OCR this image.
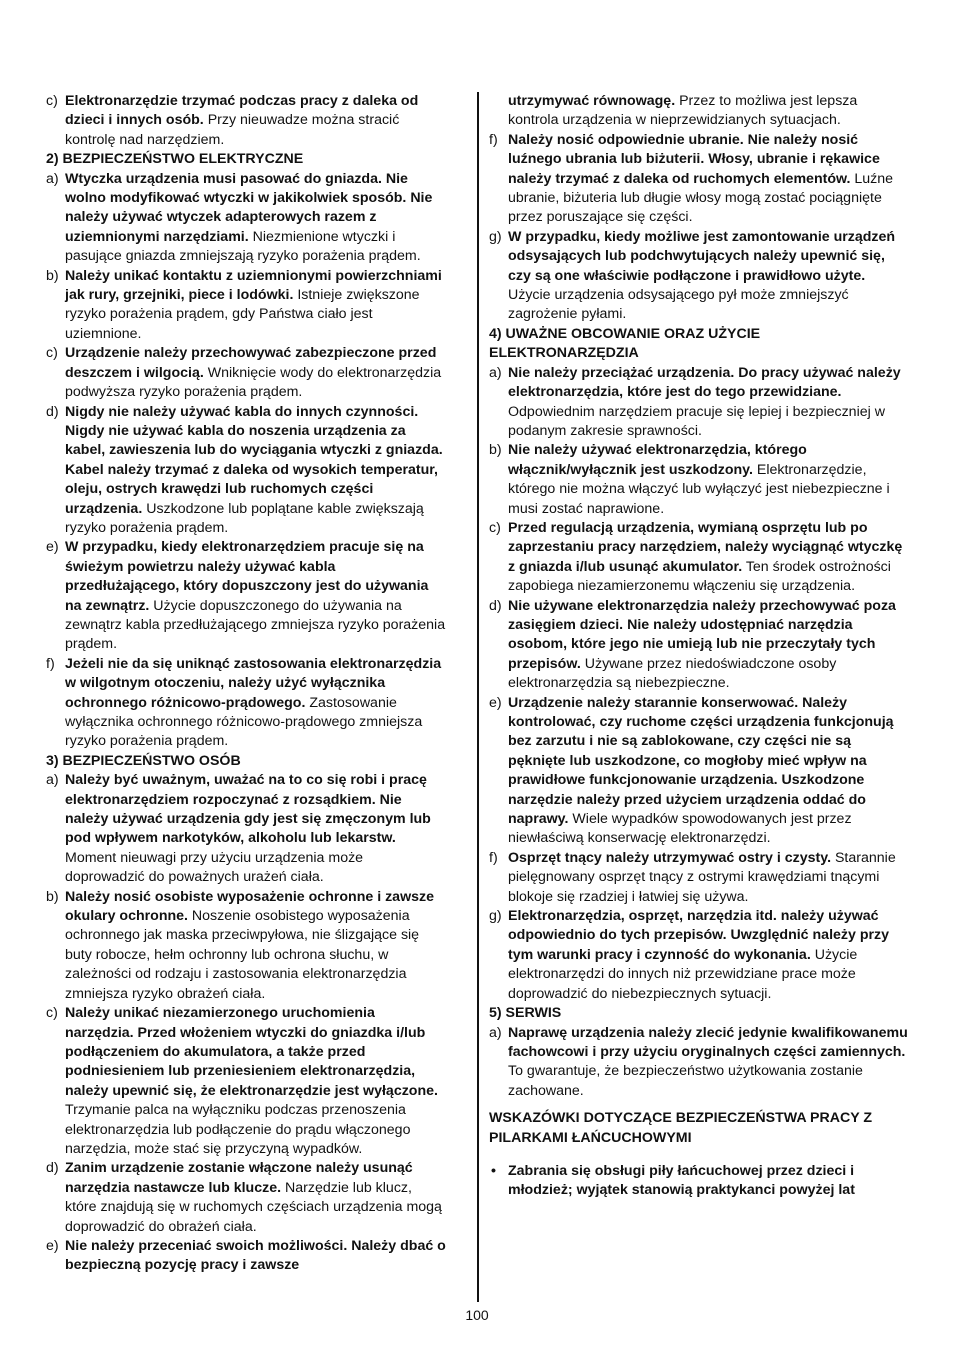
c) Elektronarzędzie trzymać podczas pracy z daleka od dzieci i innych osób. Przy nieuwadze można stracić kontrolę nad narzędziem.
2) BEZPIECZEŃSTWO ELEKTRYCZNE
a) Wtyczka urządzenia musi pasować do gniazda. Nie wolno modyfikować wtyczki w jakikolwiek sposób. Nie należy używać wtyczek adapterowych razem z uziemnionymi narzędziami. Niezmienione wtyczki i pasujące gniazda zmniejszają ryzyko porażenia prądem.
b) Należy unikać kontaktu z uziemnionymi powierzchniami jak rury, grzejniki, piece i lodówki. Istnieje zwiększone ryzyko porażenia prądem, gdy Państwa ciało jest uziemnione.
c) Urządzenie należy przechowywać zabezpieczone przed deszczem i wilgocią. Wniknięcie wody do elektronarzędzia podwyższa ryzyko porażenia prądem.
d) Nigdy nie należy używać kabla do innych czynności. Nigdy nie używać kabla do noszenia urządzenia za kabel, zawieszenia lub do wyciągania wtyczki z gniazda. Kabel należy trzymać z daleka od wysokich temperatur, oleju, ostrych krawędzi lub ruchomych części urządzenia. Uszkodzone lub poplątane kable zwiększają ryzyko porażenia prądem.
e) W przypadku, kiedy elektronarzędziem pracuje się na świeżym powietrzu należy używać kabla przedłużającego, który dopuszczony jest do używania na zewnątrz. Użycie dopuszczonego do używania na zewnątrz kabla przedłużającego zmniejsza ryzyko porażenia prądem.
f) Jeżeli nie da się uniknąć zastosowania elektronarzędzia w wilgotnym otoczeniu, należy użyć wyłącznika ochronnego różnicowo-prądowego. Zastosowanie wyłącznika ochronnego różnicowo-prądowego zmniejsza ryzyko porażenia prądem.
3) BEZPIECZEŃSTWO OSÓB
a) Należy być uważnym, uważać na to co się robi i pracę elektronarzędziem rozpoczynać z rozsądkiem. Nie należy używać urządzenia gdy jest się zmęczonym lub pod wpływem narkotyków, alkoholu lub lekarstw. Moment nieuwagi przy użyciu urządzenia może doprowadzić do poważnych urażeń ciała.
b) Należy nosić osobiste wyposażenie ochronne i zawsze okulary ochronne. Noszenie osobistego wyposażenia ochronnego jak maska przeciwpyłowa, nie ślizgające się buty robocze, hełm ochronny lub ochrona słuchu, w zależności od rodzaju i zastosowania elektronarzędzia zmniejsza ryzyko obrażeń ciała.
c) Należy unikać niezamierzonego uruchomienia narzędzia. Przed włożeniem wtyczki do gniazdka i/lub podłączeniem do akumulatora, a także przed podniesieniem lub przeniesieniem elektronarzędzia, należy upewnić się, że elektronarzędzie jest wyłączone. Trzymanie palca na wyłączniku podczas przenoszenia elektronarzędzia lub podłączenie do prądu włączonego narzędzia, może stać się przyczyną wypadków.
d) Zanim urządzenie zostanie włączone należy usunąć narzędzia nastawcze lub klucze. Narzędzie lub klucz, które znajdują się w ruchomych częściach urządzenia mogą doprowadzić do obrażeń ciała.
e) Nie należy przeceniać swoich możliwości. Należy dbać o bezpieczną pozycję pracy i zawsze
utrzymywać równowagę. Przez to możliwa jest lepsza kontrola urządzenia w nieprzewidzianych sytuacjach.
f) Należy nosić odpowiednie ubranie. Nie należy nosić luźnego ubrania lub biżuterii. Włosy, ubranie i rękawice należy trzymać z daleka od ruchomych elementów. Luźne ubranie, biżuteria lub długie włosy mogą zostać pociągnięte przez poruszające się części.
g) W przypadku, kiedy możliwe jest zamontowanie urządzeń odsysających lub podchwytujących należy upewnić się, czy są one właściwie podłączone i prawidłowo użyte. Użycie urządzenia odsysającego pył może zmniejszyć zagrożenie pyłami.
4) UWAŻNE OBCOWANIE ORAZ UŻYCIE ELEKTRONARZĘDZIA
a) Nie należy przeciążać urządzenia. Do pracy używać należy elektronarzędzia, które jest do tego przewidziane. Odpowiednim narzędziem pracuje się lepiej i bezpieczniej w podanym zakresie sprawności.
b) Nie należy używać elektronarzędzia, którego włącznik/wyłącznik jest uszkodzony. Elektronarzędzie, którego nie można włączyć lub wyłączyć jest niebezpieczne i musi zostać naprawione.
c) Przed regulacją urządzenia, wymianą osprzętu lub po zaprzestaniu pracy narzędziem, należy wyciągnąć wtyczkę z gniazda i/lub usunąć akumulator. Ten środek ostrożności zapobiega niezamierzonemu włączeniu się urządzenia.
d) Nie używane elektronarzędzia należy przechowywać poza zasięgiem dzieci. Nie należy udostępniać narzędzia osobom, które jego nie umieją lub nie przeczytały tych przepisów. Używane przez niedoświadczone osoby elektronarzędzia są niebezpieczne.
e) Urządzenie należy starannie konserwować. Należy kontrolować, czy ruchome części urządzenia funkcjonują bez zarzutu i nie są zablokowane, czy części nie są pęknięte lub uszkodzone, co mogłoby mieć wpływ na prawidłowe funkcjonowanie urządzenia. Uszkodzone narzędzie należy przed użyciem urządzenia oddać do naprawy. Wiele wypadków spowodowanych jest przez niewłaściwą konserwację elektronarzędzi.
f) Osprzęt tnący należy utrzymywać ostry i czysty. Starannie pielęgnowany osprzęt tnący z ostrymi krawędziami tnącymi blokoje się rzadziej i łatwiej się używa.
g) Elektronarzędzia, osprzęt, narzędzia itd. należy używać odpowiednio do tych przepisów. Uwzględnić należy przy tym warunki pracy i czynność do wykonania. Użycie elektronarzędzi do innych niż przewidziane prace może doprowadzić do niebezpiecznych sytuacji.
5) SERWIS
a) Naprawę urządzenia należy zlecić jedynie kwalifikowanemu fachowcowi i przy użyciu oryginalnych części zamiennych. To gwarantuje, że bezpieczeństwo użytkowania zostanie zachowane.
WSKAZÓWKI DOTYCZĄCE BEZPIECZEŃSTWA PRACY Z PILARKAMI ŁAŃCUCHOWYMI
• Zabrania się obsługi piły łańcuchowej przez dzieci i młodzież; wyjątek stanowią praktykanci powyżej lat
100
